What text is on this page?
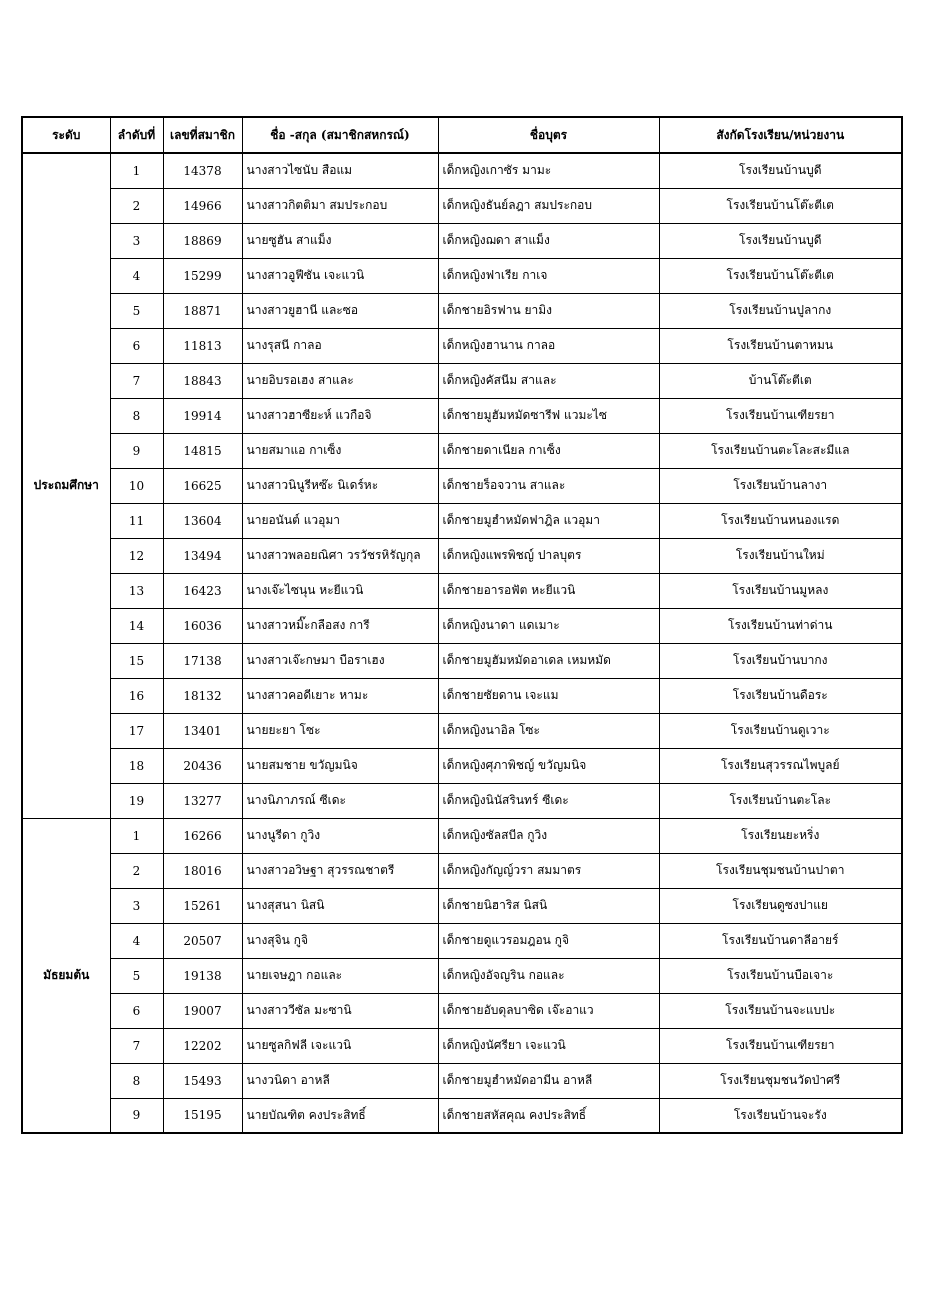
ระดับ	ลำดับที่	เลขที่สมาชิก	ชื่อ -สกุล (สมาชิกสหกรณ์)	ชื่อบุตร	สังกัดโรงเรียน/หน่วยงาน
ประถมศึกษา	1	14378	นางสาวไซนับ สือแม	เด็กหญิงเกาซัร มามะ	โรงเรียนบ้านบูดี
	2	14966	นางสาวกิตติมา สมประกอบ	เด็กหญิงธันย์ลฎา สมประกอบ	โรงเรียนบ้านโต๊ะตีเต
	3	18869	นายซูฮัน สาแม็ง	เด็กหญิงฌดา สาแม็ง	โรงเรียนบ้านบูดี
	4	15299	นางสาวอูฟีซัน เจะแวนิ	เด็กหญิงฟาเรีย กาเจ	โรงเรียนบ้านโต๊ะตีเต
	5	18871	นางสาวยูฮานี และซอ	เด็กชายอิรฟาน ยามิง	โรงเรียนบ้านปูลากง
	6	11813	นางรุสนี กาลอ	เด็กหญิงฮานาน กาลอ	โรงเรียนบ้านตาหมน
	7	18843	นายอิบรอเฮง สาและ	เด็กหญิงคัสนีม สาและ	บ้านโต๊ะตีเต
	8	19914	นางสาวฮาซียะห์ แวกือจิ	เด็กชายมูฮัมหมัดซารีฟ แวมะไซ	โรงเรียนบ้านเฑียรยา
	9	14815	นายสมาแอ กาเซ็ง	เด็กชายดาเนียล กาเซ็ง	โรงเรียนบ้านตะโละสะมีแล
	10	16625	นางสาวนินูรีหซ๊ะ นิเดร์หะ	เด็กชายร็อจวาน สาและ	โรงเรียนบ้านลางา
	11	13604	นายอนันต์ แวอุมา	เด็กชายมูฮำหมัดฟาฎิล แวอุมา	โรงเรียนบ้านหนองแรด
	12	13494	นางสาวพลอยณิศา วรวัชรหิรัญกุล	เด็กหญิงแพรพิชญ์ ปาลบุตร	โรงเรียนบ้านใหม่
	13	16423	นางเจ๊ะไซนุน หะยีแวนิ	เด็กชายอารอฟัต หะยีแวนิ	โรงเรียนบ้านมูหลง
	14	16036	นางสาวหมิ๊ะกลือสง การี	เด็กหญิงนาดา แดเมาะ	โรงเรียนบ้านท่าด่าน
	15	17138	นางสาวเจ๊ะกษมา บือราเฮง	เด็กชายมูฮัมหมัดอาเดล เหมหมัด	โรงเรียนบ้านบากง
	16	18132	นางสาวคอดีเยาะ หามะ	เด็กชายซัยดาน เจะแม	โรงเรียนบ้านดือระ
	17	13401	นายยะยา โซะ	เด็กหญิงนาอิล โซะ	โรงเรียนบ้านดูเวาะ
	18	20436	นายสมชาย ขวัญมนิจ	เด็กหญิงศุภาพิชญ์ ขวัญมนิจ	โรงเรียนสุวรรณไพบูลย์
	19	13277	นางนิภาภรณ์ ซีเดะ	เด็กหญิงนินัสรินทร์ ซีเดะ	โรงเรียนบ้านตะโละ
มัธยมต้น	1	16266	นางนูรีดา กูวิง	เด็กหญิงซัลสบีล กูวิง	โรงเรียนยะหริ่ง
	2	18016	นางสาวอวิษฐา สุวรรณชาตรี	เด็กหญิงกัญญ์วรา สมมาตร	โรงเรียนชุมชนบ้านปาตา
	3	15261	นางสุสนา นิสนิ	เด็กชายนิฮาริส นิสนิ	โรงเรียนดูซงปาแย
	4	20507	นางสุจิน กูจิ	เด็กชายดูแวรอมฎอน กูจิ	โรงเรียนบ้านดาลีอายร์
	5	19138	นายเจษฎา กอและ	เด็กหญิงอัจญริน กอและ	โรงเรียนบ้านบือเจาะ
	6	19007	นางสาววีซัล มะซานิ	เด็กชายอับดุลบาซิด เจ๊ะอาแว	โรงเรียนบ้านจะแบปะ
	7	12202	นายซูลกิฟลี เจะแวนิ	เด็กหญิงนัศรียา เจะแวนิ	โรงเรียนบ้านเฑียรยา
	8	15493	นางวนิดา อาหลี	เด็กชายมูฮำหมัดอามีน อาหลี	โรงเรียนชุมชนวัดป่าศรี
	9	15195	นายบัณฑิต คงประสิทธิ์	เด็กชายสหัสคุณ คงประสิทธิ์	โรงเรียนบ้านจะรัง
